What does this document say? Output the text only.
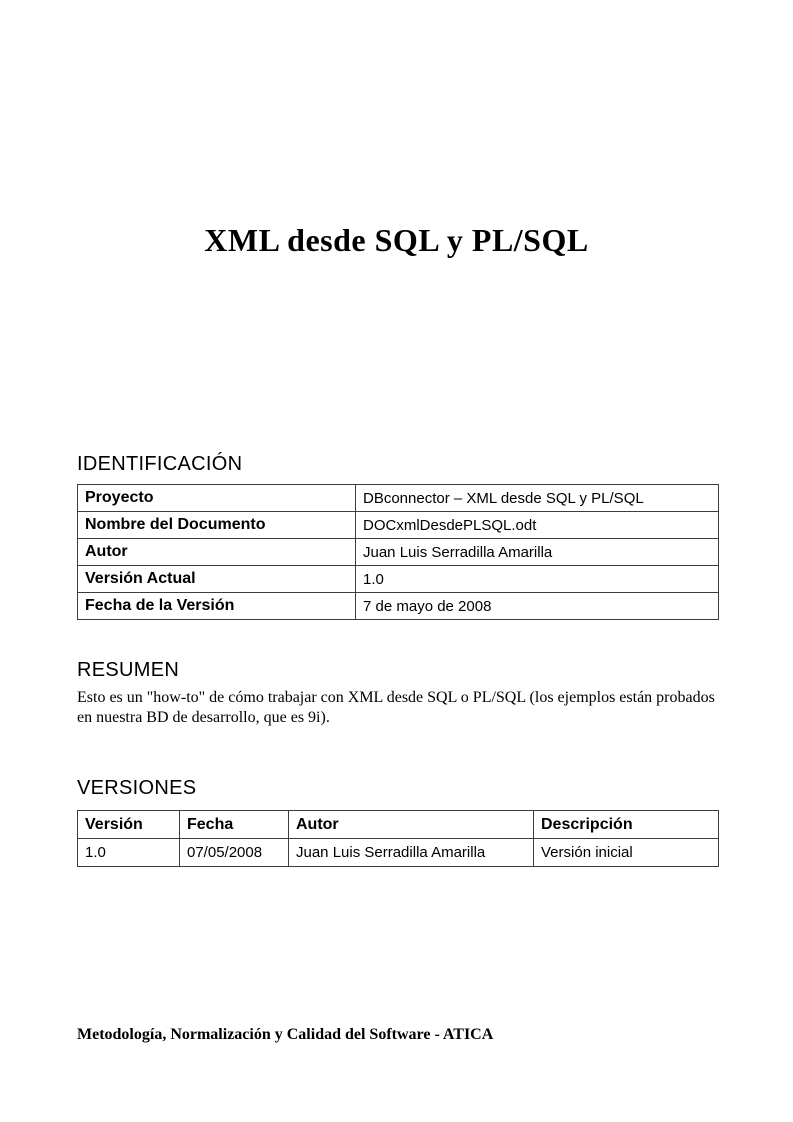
XML desde SQL y PL/SQL
IDENTIFICACIÓN
Proyecto	DBconnector – XML desde SQL y PL/SQL
Nombre del Documento	DOCxmlDesdePLSQL.odt
Autor	Juan Luis Serradilla Amarilla
Versión Actual	1.0
Fecha de la Versión	7 de mayo de 2008
RESUMEN
Esto es un "how-to" de cómo trabajar con XML desde SQL o PL/SQL (los ejemplos están probados en nuestra BD de desarrollo, que es 9i).
VERSIONES
Versión	Fecha	Autor	Descripción
1.0	07/05/2008	Juan Luis Serradilla Amarilla	Versión inicial
Metodología, Normalización y Calidad del Software - ATICA
